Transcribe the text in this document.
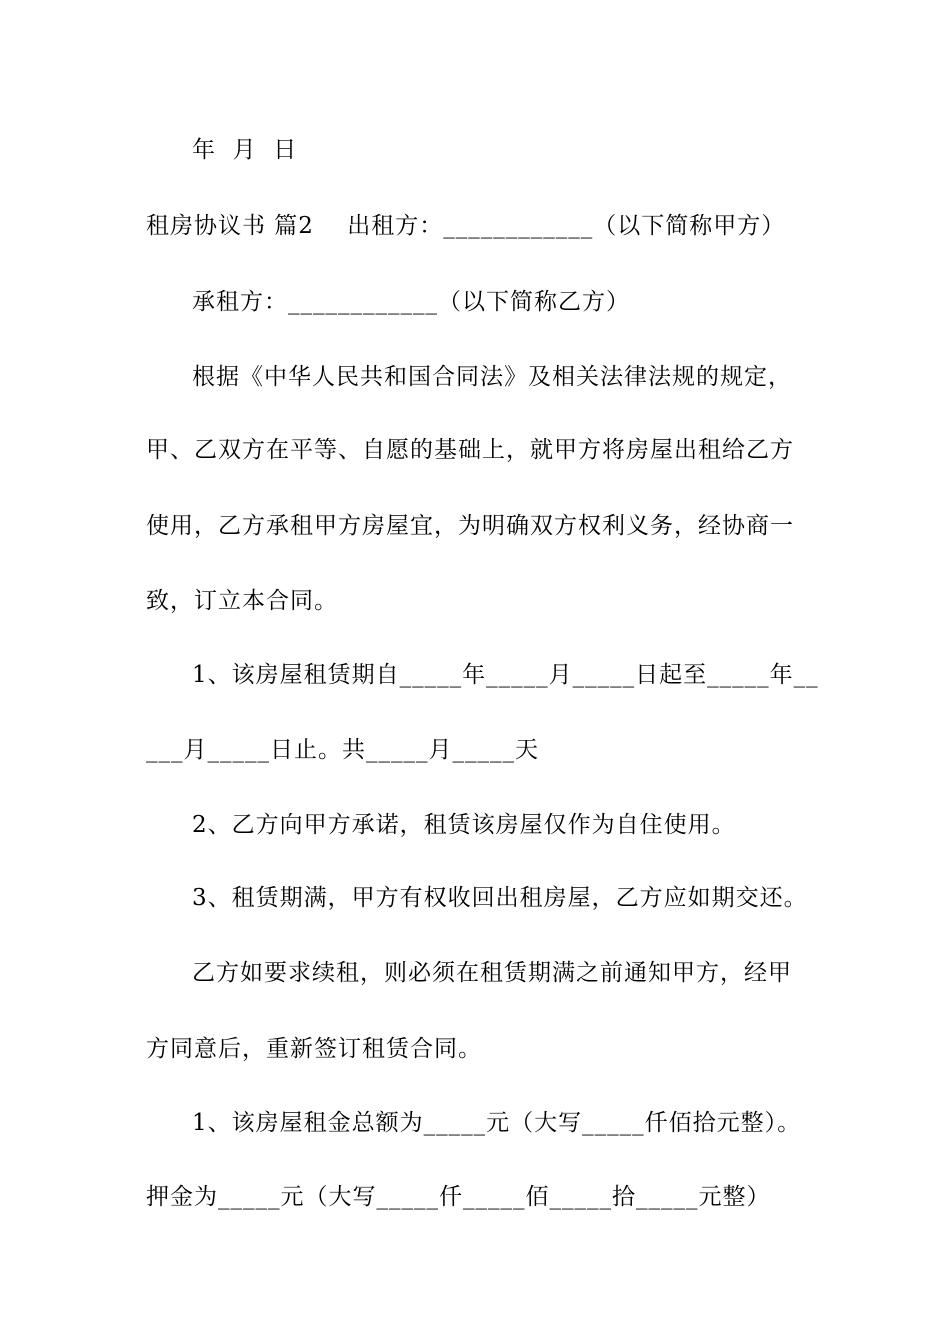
年  月  日
租房协议书 篇2    出租方：____________（以下简称甲方）
承租方：____________（以下简称乙方）
根据《中华人民共和国合同法》及相关法律法规的规定，
甲、乙双方在平等、自愿的基础上，就甲方将房屋出租给乙方
使用，乙方承租甲方房屋宜，为明确双方权利义务，经协商一
致，订立本合同。
1、该房屋租赁期自_____年_____月_____日起至_____年__
___月_____日止。共_____月_____天
2、乙方向甲方承诺，租赁该房屋仅作为自住使用。
3、租赁期满，甲方有权收回出租房屋，乙方应如期交还。
乙方如要求续租，则必须在租赁期满之前通知甲方，经甲
方同意后，重新签订租赁合同。
1、该房屋租金总额为_____元（大写_____仟佰拾元整）。
押金为_____元（大写_____仟_____佰_____拾_____元整）
